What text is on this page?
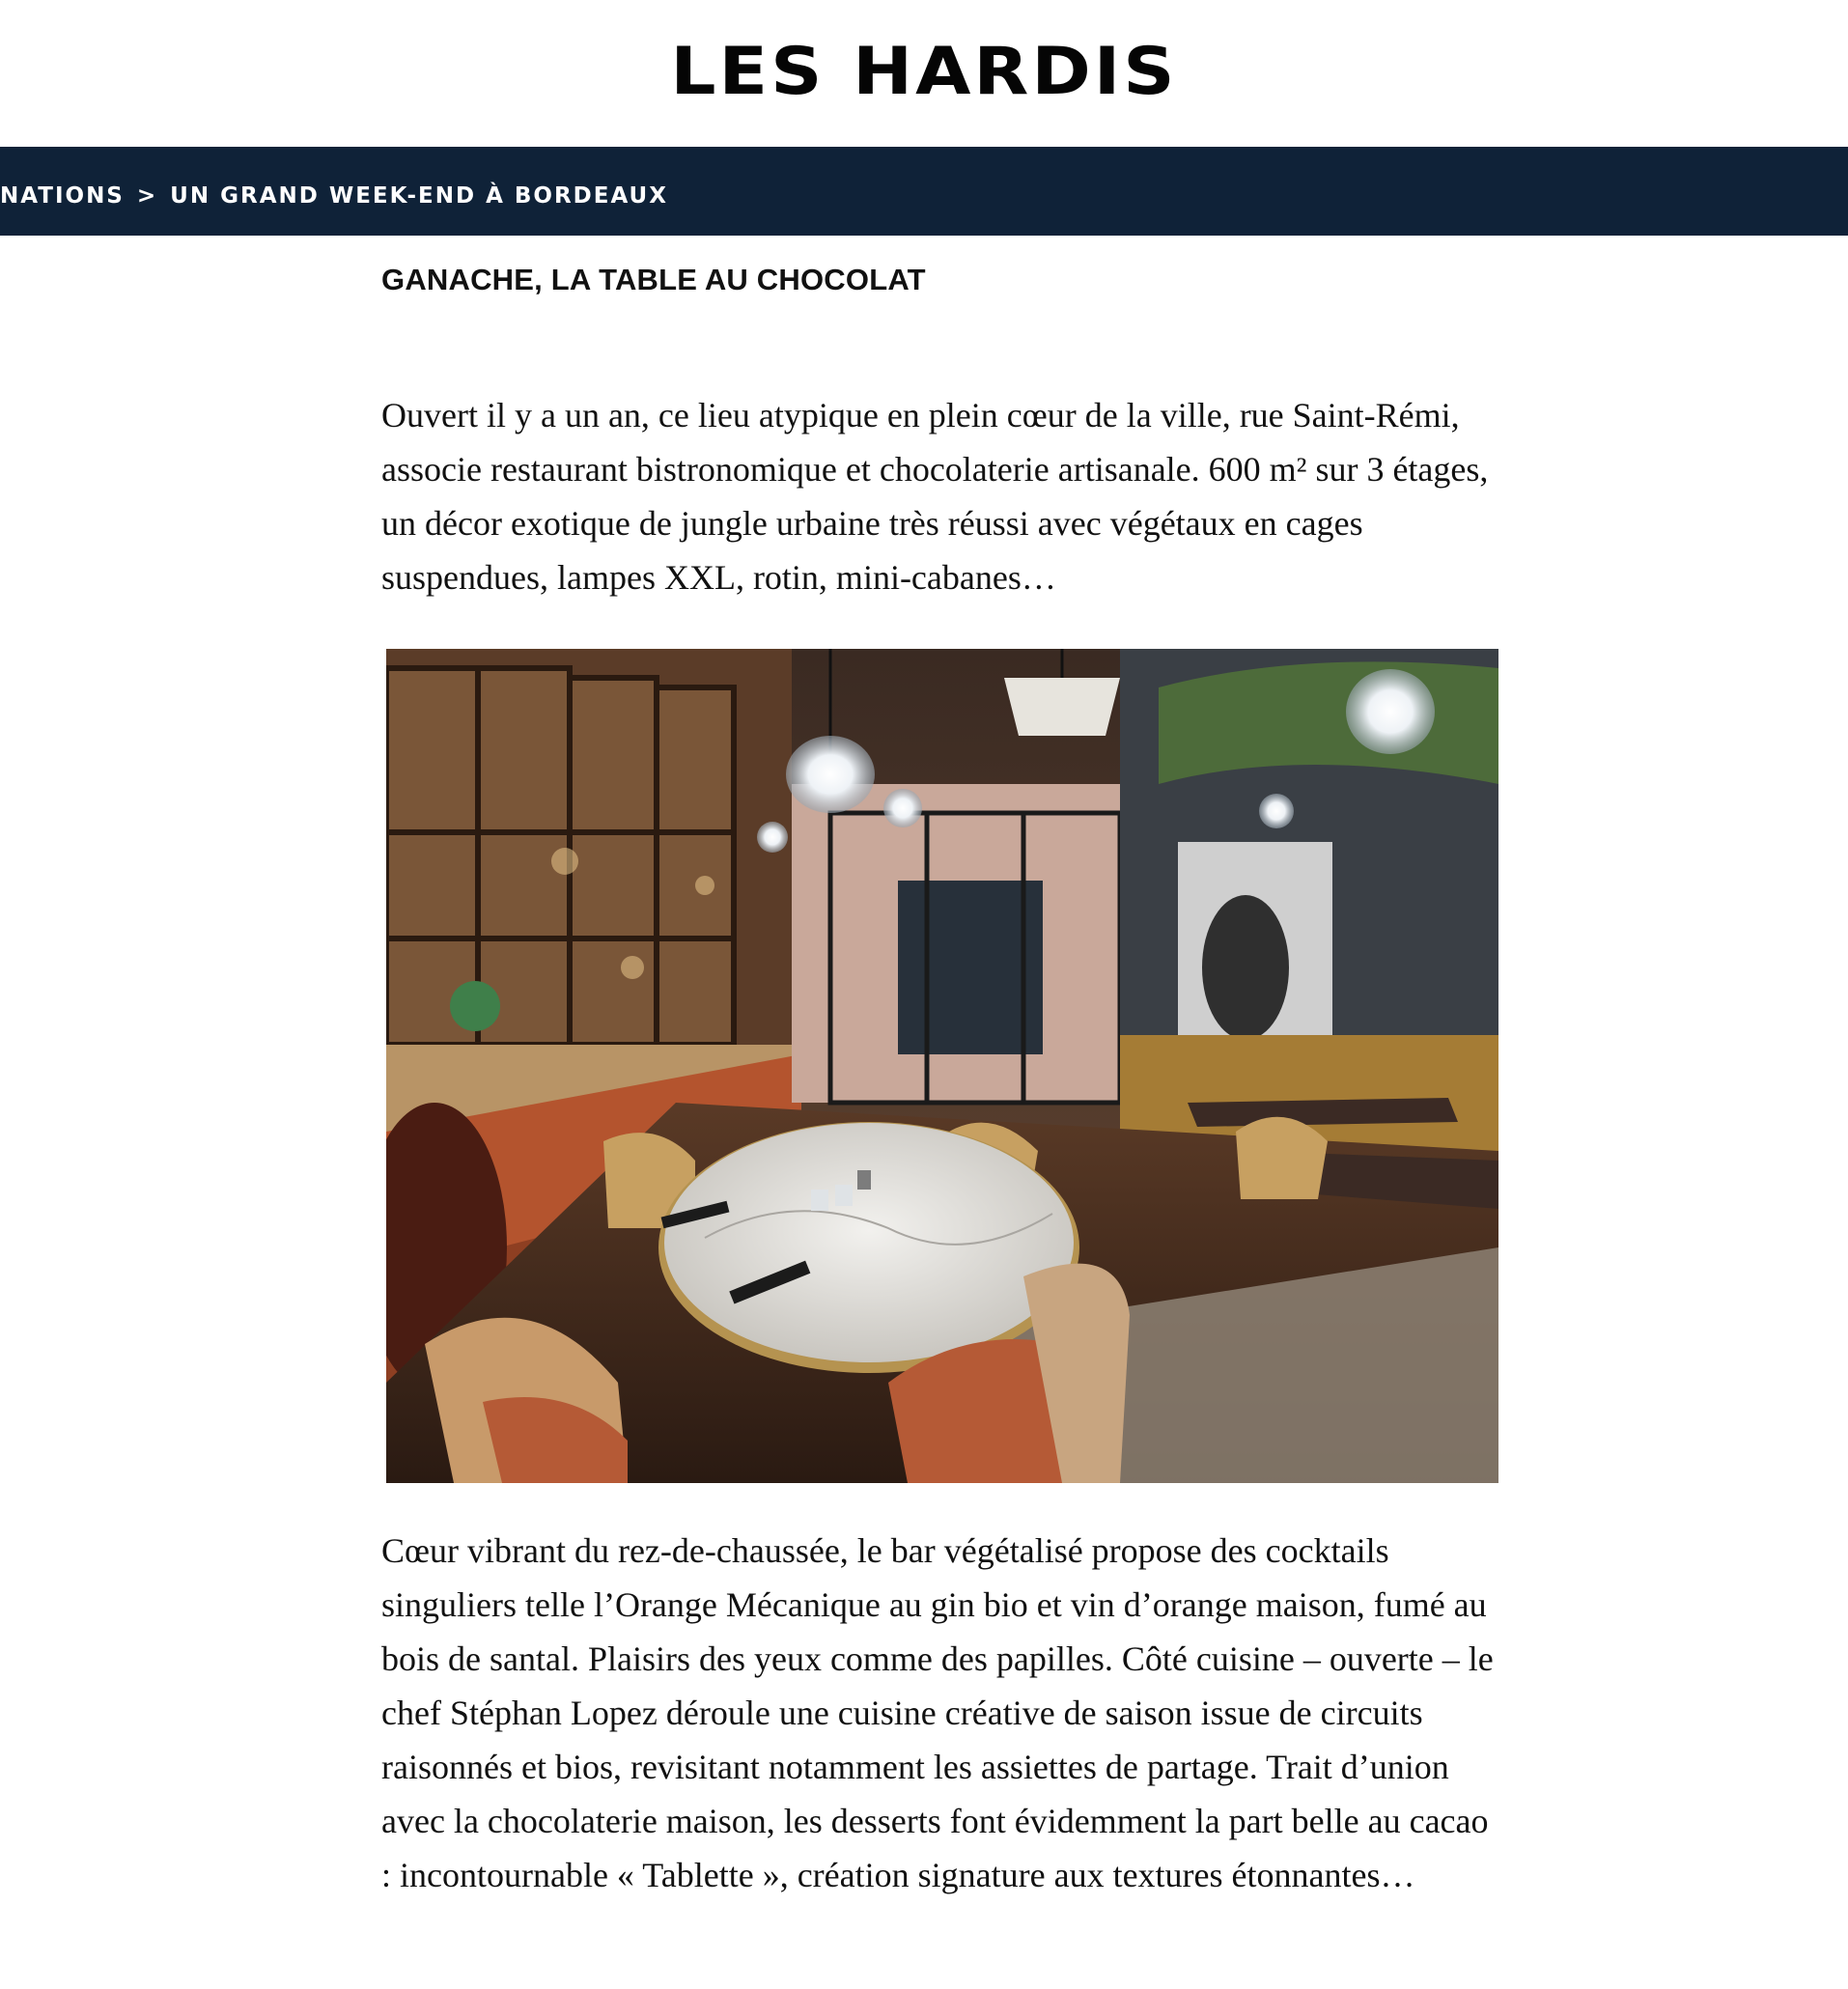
LES HARDIS
NATIONS > UN GRAND WEEK-END À BORDEAUX
GANACHE, LA TABLE AU CHOCOLAT

Ouvert il y a un an, ce lieu atypique en plein cœur de la ville, rue Saint-Rémi, associe restaurant bistronomique et chocolaterie artisanale. 600 m² sur 3 étages, un décor exotique de jungle urbaine très réussi avec végétaux en cages suspendues, lampes XXL, rotin, mini-cabanes…

Cœur vibrant du rez-de-chaussée, le bar végétalisé propose des cocktails singuliers telle l’Orange Mécanique au gin bio et vin d’orange maison, fumé au bois de santal. Plaisirs des yeux comme des papilles. Côté cuisine – ouverte – le chef Stéphan Lopez déroule une cuisine créative de saison issue de circuits raisonnés et bios, revisitant notamment les assiettes de partage. Trait d’union avec la chocolaterie maison, les desserts font évidemment la part belle au cacao : incontournable « Tablette », création signature aux textures étonnantes…
